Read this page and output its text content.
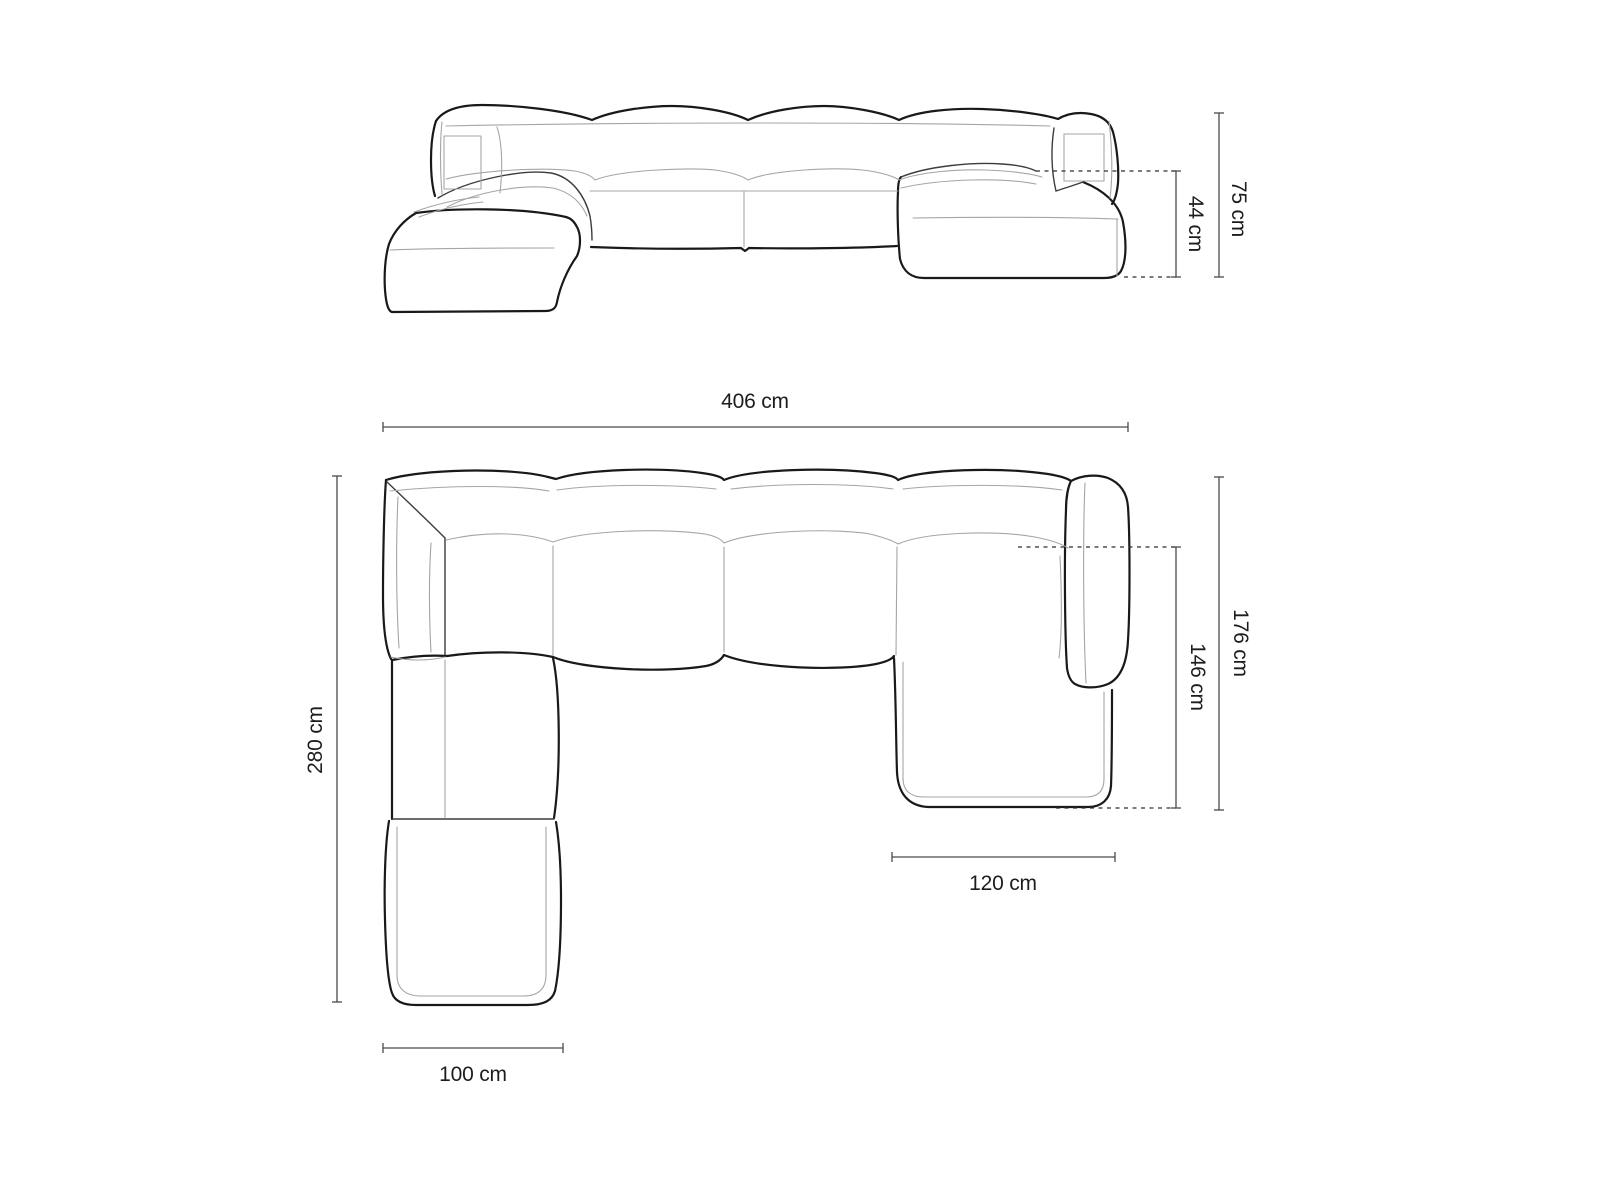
75 cm
44 cm
406 cm
280 cm
176 cm
146 cm
120 cm
100 cm
